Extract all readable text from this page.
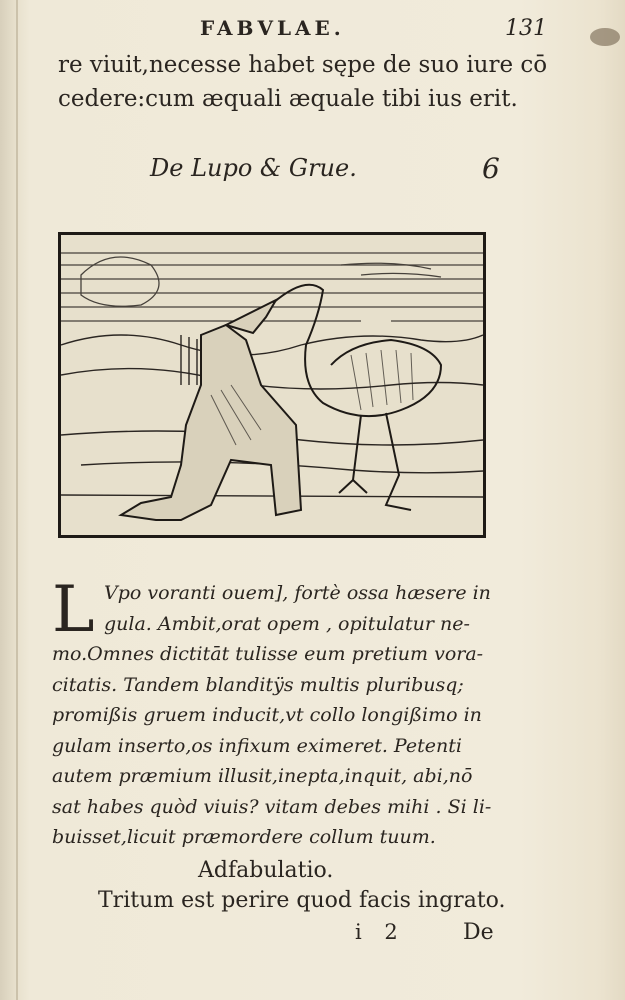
FABVLAE.	131
re viuit,necesse habet sępe de suo iure cō
cedere:cum æquali æquale tibi ius erit.
De Lupo & Grue.	6
L Vpo voranti ouem], fortè ossa hæsere in
gula. Ambit,orat opem , opitulatur ne-
mo.Omnes dictitāt tulisse eum pretium vora-
citatis. Tandem blanditÿs multis pluribusq;
promißis gruem inducit,vt collo longißimo in
gulam inserto,os infixum eximeret. Petenti
autem præmium illusit,inepta,inquit, abi,nō
sat habes quòd viuis? vitam debes mihi . Si li-
buisset,licuit præmordere collum tuum.
Adfabulatio.
Tritum est perire quod facis ingrato.
i 2	De
